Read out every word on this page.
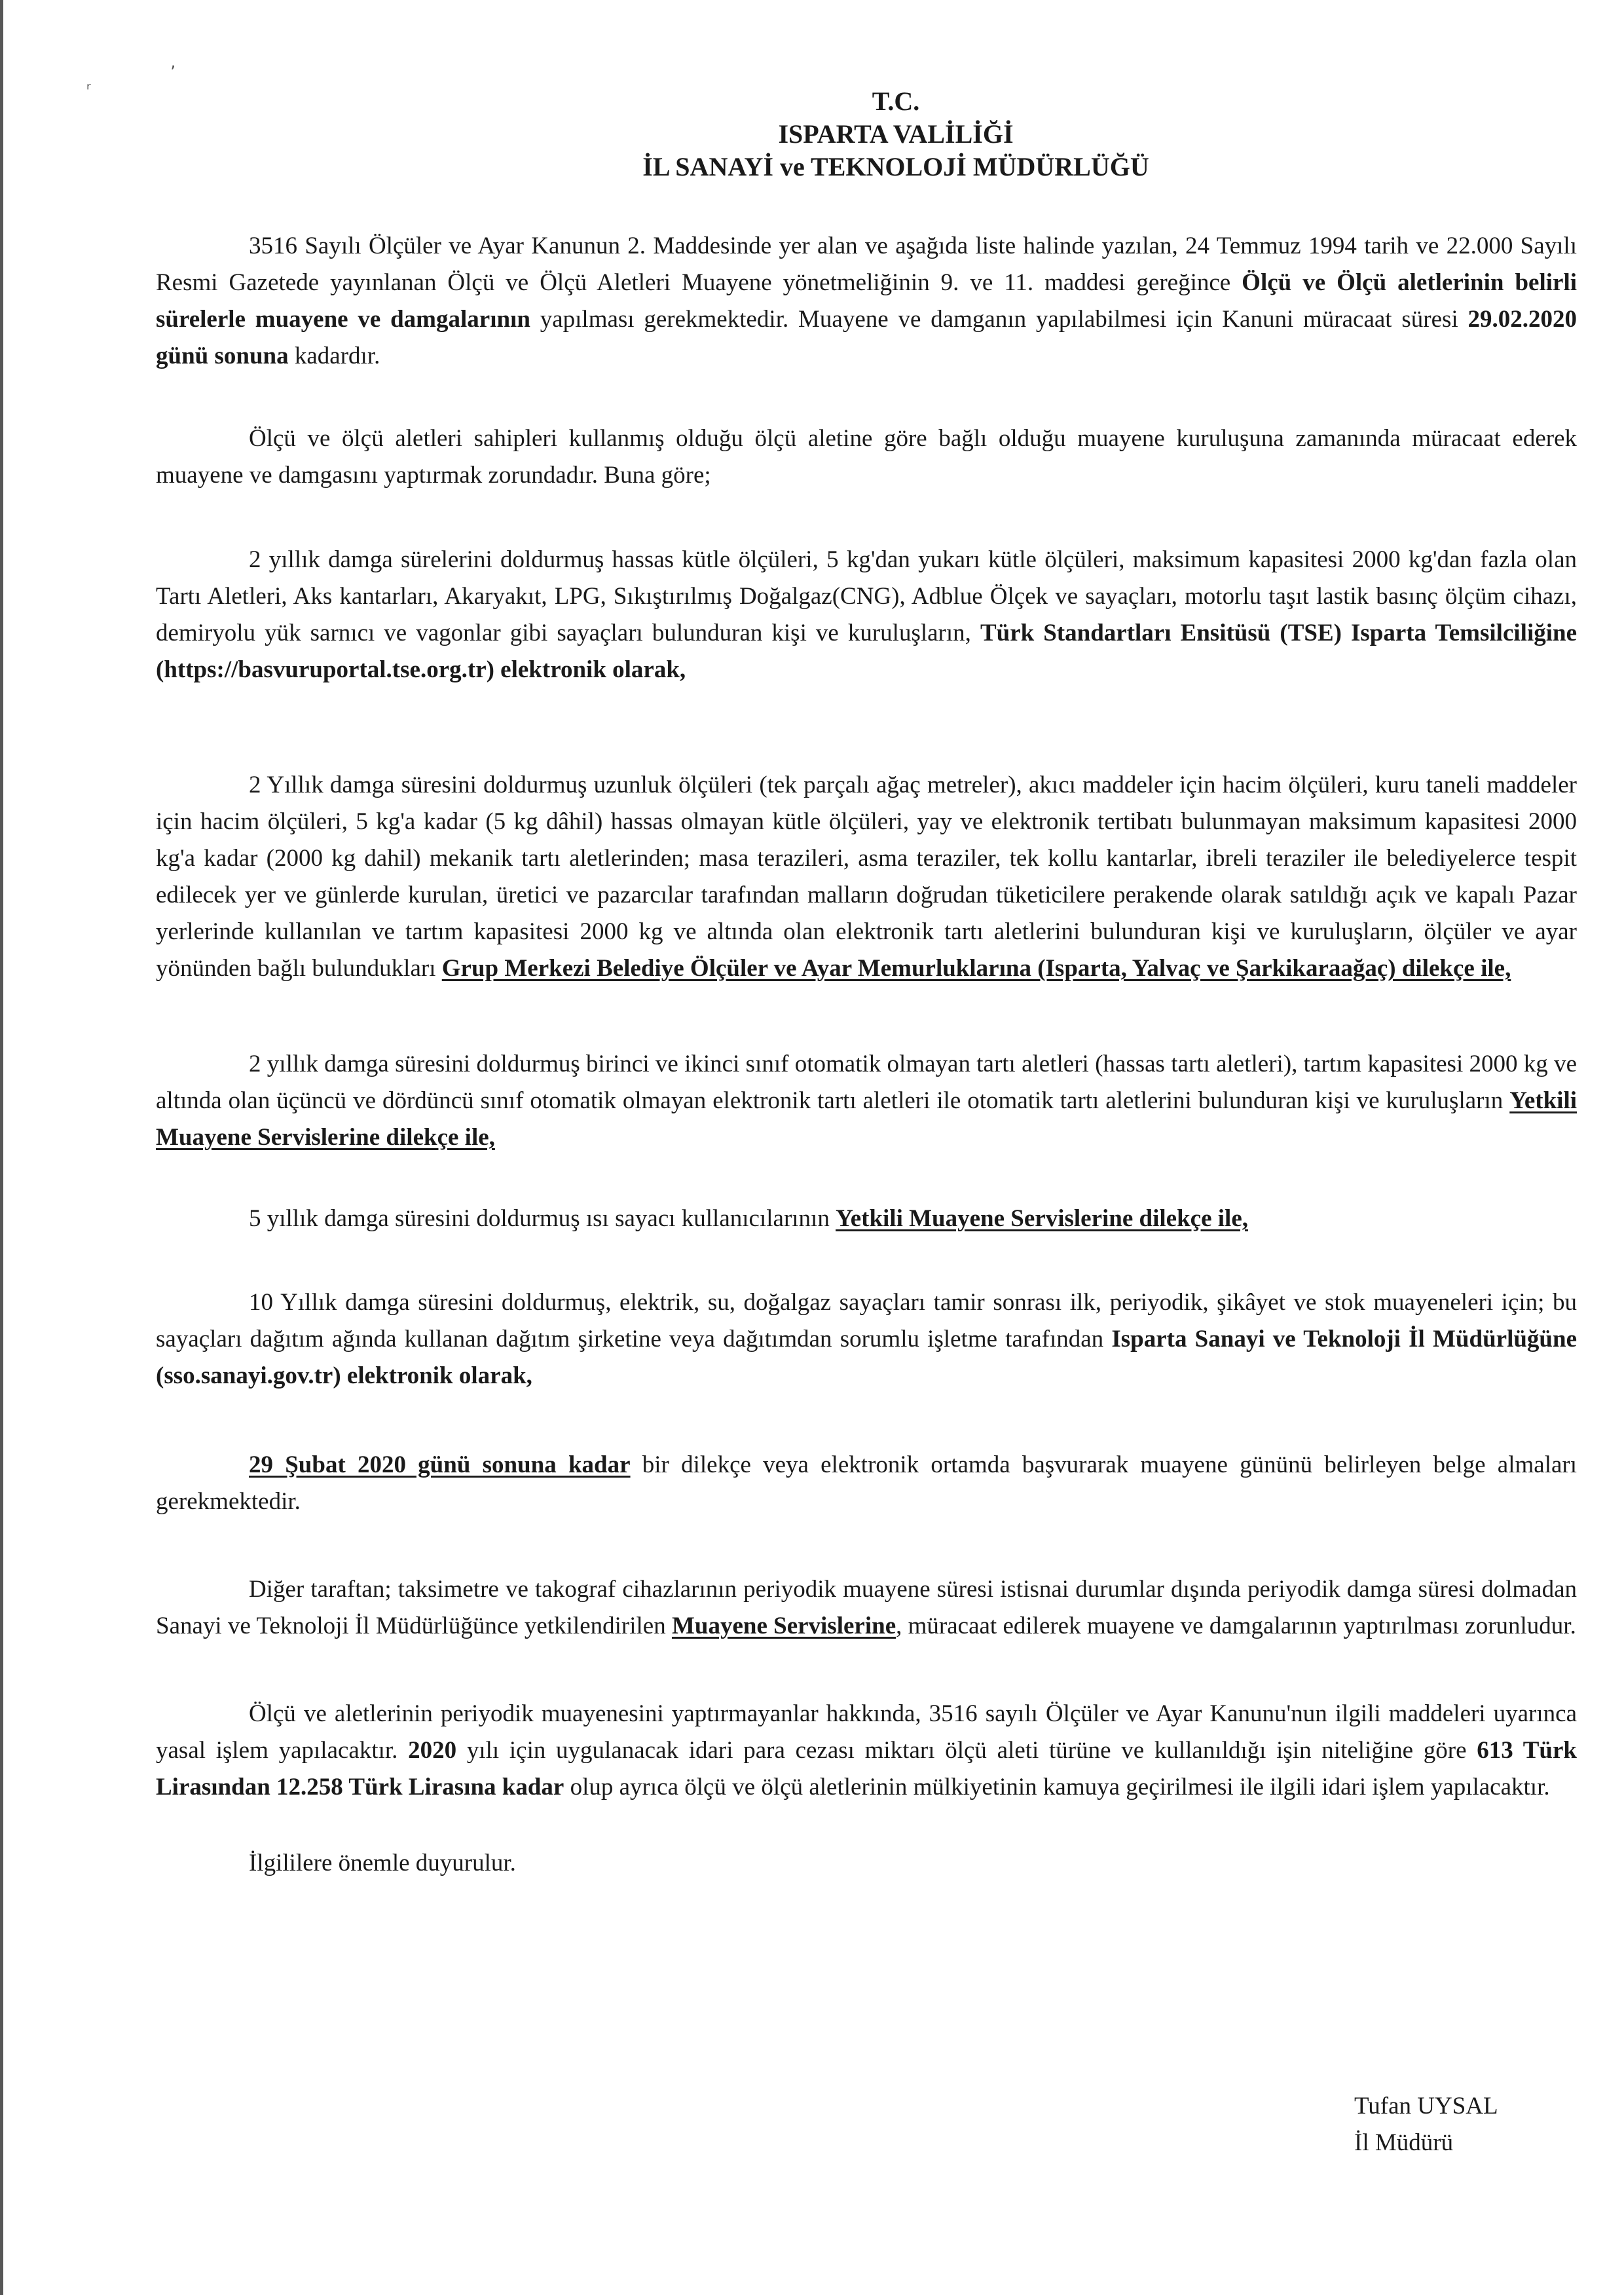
ʳ
ʼ
T.C.
ISPARTA VALİLİĞİ
İL SANAYİ ve TEKNOLOJİ MÜDÜRLÜĞÜ

3516 Sayılı Ölçüler ve Ayar Kanunun 2. Maddesinde yer alan ve aşağıda liste halinde yazılan, 24 Temmuz 1994 tarih ve 22.000 Sayılı Resmi Gazetede yayınlanan Ölçü ve Ölçü Aletleri Muayene yönetmeliğinin 9. ve 11. maddesi gereğince Ölçü ve Ölçü aletlerinin belirli sürelerle muayene ve damgalarının yapılması gerekmektedir. Muayene ve damganın yapılabilmesi için Kanuni müracaat süresi 29.02.2020 günü sonuna kadardır.

Ölçü ve ölçü aletleri sahipleri kullanmış olduğu ölçü aletine göre bağlı olduğu muayene kuruluşuna zamanında müracaat ederek muayene ve damgasını yaptırmak zorundadır. Buna göre;

2 yıllık damga sürelerini doldurmuş hassas kütle ölçüleri, 5 kg'dan yukarı kütle ölçüleri, maksimum kapasitesi 2000 kg'dan fazla olan Tartı Aletleri, Aks kantarları, Akaryakıt, LPG, Sıkıştırılmış Doğalgaz(CNG), Adblue Ölçek ve sayaçları, motorlu taşıt lastik basınç ölçüm cihazı, demiryolu yük sarnıcı ve vagonlar gibi sayaçları bulunduran kişi ve kuruluşların, Türk Standartları Ensitüsü (TSE) Isparta Temsilciliğine (https://basvuruportal.tse.org.tr) elektronik olarak,

2 Yıllık damga süresini doldurmuş uzunluk ölçüleri (tek parçalı ağaç metreler), akıcı maddeler için hacim ölçüleri, kuru taneli maddeler için hacim ölçüleri, 5 kg'a kadar (5 kg dâhil) hassas olmayan kütle ölçüleri, yay ve elektronik tertibatı bulunmayan maksimum kapasitesi 2000 kg'a kadar (2000 kg dahil) mekanik tartı aletlerinden; masa terazileri, asma teraziler, tek kollu kantarlar, ibreli teraziler ile belediyelerce tespit edilecek yer ve günlerde kurulan, üretici ve pazarcılar tarafından malların doğrudan tüketicilere perakende olarak satıldığı açık ve kapalı Pazar yerlerinde kullanılan ve tartım kapasitesi 2000 kg ve altında olan elektronik tartı aletlerini bulunduran kişi ve kuruluşların, ölçüler ve ayar yönünden bağlı bulundukları Grup Merkezi Belediye Ölçüler ve Ayar Memurluklarına (Isparta, Yalvaç ve Şarkikaraağaç) dilekçe ile,

2 yıllık damga süresini doldurmuş birinci ve ikinci sınıf otomatik olmayan tartı aletleri (hassas tartı aletleri), tartım kapasitesi 2000 kg ve altında olan üçüncü ve dördüncü sınıf otomatik olmayan elektronik tartı aletleri ile otomatik tartı aletlerini bulunduran kişi ve kuruluşların Yetkili Muayene Servislerine dilekçe ile,

5 yıllık damga süresini doldurmuş ısı sayacı kullanıcılarının Yetkili Muayene Servislerine dilekçe ile,

10 Yıllık damga süresini doldurmuş, elektrik, su, doğalgaz sayaçları tamir sonrası ilk, periyodik, şikâyet ve stok muayeneleri için; bu sayaçları dağıtım ağında kullanan dağıtım şirketine veya dağıtımdan sorumlu işletme tarafından Isparta Sanayi ve Teknoloji İl Müdürlüğüne (sso.sanayi.gov.tr) elektronik olarak,

29 Şubat 2020 günü sonuna kadar bir dilekçe veya elektronik ortamda başvurarak muayene gününü belirleyen belge almaları gerekmektedir.

Diğer taraftan; taksimetre ve takograf cihazlarının periyodik muayene süresi istisnai durumlar dışında periyodik damga süresi dolmadan Sanayi ve Teknoloji İl Müdürlüğünce yetkilendirilen Muayene Servislerine, müracaat edilerek muayene ve damgalarının yaptırılması zorunludur.

Ölçü ve aletlerinin periyodik muayenesini yaptırmayanlar hakkında, 3516 sayılı Ölçüler ve Ayar Kanunu'nun ilgili maddeleri uyarınca yasal işlem yapılacaktır. 2020 yılı için uygulanacak idari para cezası miktarı ölçü aleti türüne ve kullanıldığı işin niteliğine göre 613 Türk Lirasından 12.258 Türk Lirasına kadar olup ayrıca ölçü ve ölçü aletlerinin mülkiyetinin kamuya geçirilmesi ile ilgili idari işlem yapılacaktır.

İlgililere önemle duyurulur.

Tufan UYSAL
İl Müdürü
